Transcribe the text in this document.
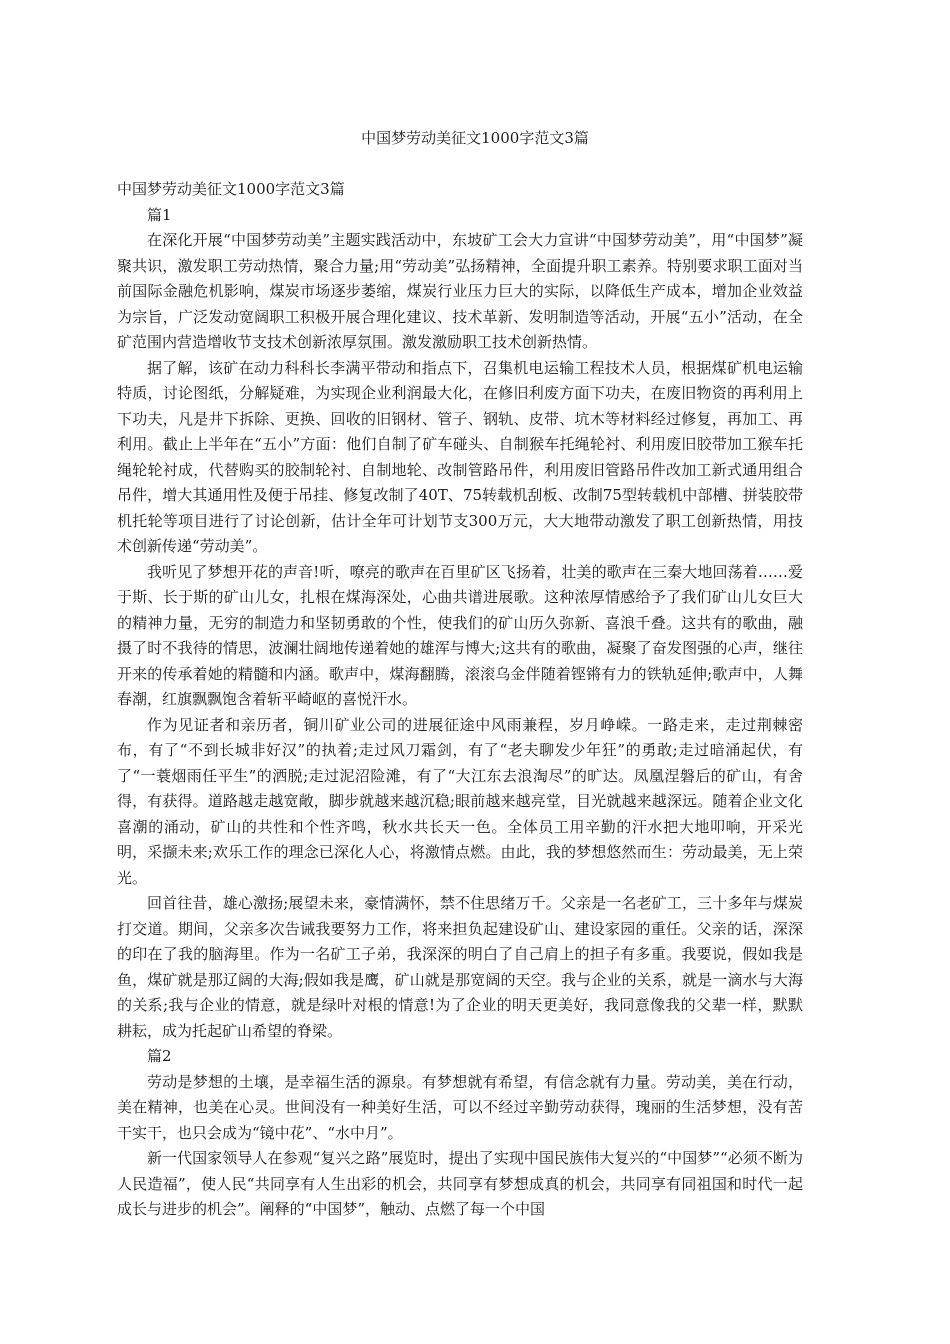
中国梦劳动美征文1000字范文3篇

中国梦劳动美征文1000字范文3篇

篇1

在深化开展“中国梦劳动美”主题实践活动中，东坡矿工会大力宣讲“中国梦劳动美”，用“中国梦”凝聚共识，激发职工劳动热情，聚合力量;用“劳动美”弘扬精神，全面提升职工素养。特别要求职工面对当前国际金融危机影响，煤炭市场逐步萎缩，煤炭行业压力巨大的实际，以降低生产成本，增加企业效益为宗旨，广泛发动宽阔职工积极开展合理化建议、技术革新、发明制造等活动，开展“五小”活动，在全矿范围内营造增收节支技术创新浓厚氛围。激发激励职工技术创新热情。

据了解，该矿在动力科科长李满平带动和指点下，召集机电运输工程技术人员，根据煤矿机电运输特质，讨论图纸，分解疑难，为实现企业利润最大化，在修旧利废方面下功夫，在废旧物资的再利用上下功夫，凡是井下拆除、更换、回收的旧钢材、管子、钢轨、皮带、坑木等材料经过修复，再加工、再利用。截止上半年在“五小”方面：他们自制了矿车碰头、自制猴车托绳轮衬、利用废旧胶带加工猴车托绳轮轮衬成，代替购买的胶制轮衬、自制地轮、改制管路吊件，利用废旧管路吊件改加工新式通用组合吊件，增大其通用性及便于吊挂、修复改制了40T、75转载机刮板、改制75型转载机中部槽、拼装胶带机托轮等项目进行了讨论创新，估计全年可计划节支300万元，大大地带动激发了职工创新热情，用技术创新传递“劳动美”。

我听见了梦想开花的声音!听，嘹亮的歌声在百里矿区飞扬着，壮美的歌声在三秦大地回荡着……爱于斯、长于斯的矿山儿女，扎根在煤海深处，心曲共谱进展歌。这种浓厚情感给予了我们矿山儿女巨大的精神力量，无穷的制造力和坚韧勇敢的个性，使我们的矿山历久弥新、喜浪千叠。这共有的歌曲，融摄了时不我待的情思，波澜壮阔地传递着她的雄浑与博大;这共有的歌曲，凝聚了奋发图强的心声，继往开来的传承着她的精髓和内涵。歌声中，煤海翻腾，滚滚乌金伴随着铿锵有力的铁轨延伸;歌声中，人舞春潮，红旗飘飘饱含着斩平崎岖的喜悦汗水。

作为见证者和亲历者，铜川矿业公司的进展征途中风雨兼程，岁月峥嵘。一路走来，走过荆棘密布，有了“不到长城非好汉”的执着;走过风刀霜剑，有了“老夫聊发少年狂”的勇敢;走过暗涌起伏，有了“一蓑烟雨任平生”的洒脱;走过泥沼险滩，有了“大江东去浪淘尽”的旷达。凤凰涅磐后的矿山，有舍得，有获得。道路越走越宽敞，脚步就越来越沉稳;眼前越来越亮堂，目光就越来越深远。随着企业文化喜潮的涌动，矿山的共性和个性齐鸣，秋水共长天一色。全体员工用辛勤的汗水把大地叩响，开采光明，采撷未来;欢乐工作的理念已深化人心，将激情点燃。由此，我的梦想悠然而生：劳动最美，无上荣光。

回首往昔，雄心激扬;展望未来，豪情满怀，禁不住思绪万千。父亲是一名老矿工，三十多年与煤炭打交道。期间，父亲多次告诫我要努力工作，将来担负起建设矿山、建设家园的重任。父亲的话，深深的印在了我的脑海里。作为一名矿工子弟，我深深的明白了自己肩上的担子有多重。我要说，假如我是鱼，煤矿就是那辽阔的大海;假如我是鹰，矿山就是那宽阔的天空。我与企业的关系，就是一滴水与大海的关系;我与企业的情意，就是绿叶对根的情意!为了企业的明天更美好，我同意像我的父辈一样，默默耕耘，成为托起矿山希望的脊梁。

篇2

劳动是梦想的土壤，是幸福生活的源泉。有梦想就有希望，有信念就有力量。劳动美，美在行动，美在精神，也美在心灵。世间没有一种美好生活，可以不经过辛勤劳动获得，瑰丽的生活梦想，没有苦干实干，也只会成为“镜中花”、“水中月”。

新一代国家领导人在参观“复兴之路”展览时，提出了实现中国民族伟大复兴的“中国梦”“必须不断为人民造福”，使人民“共同享有人生出彩的机会，共同享有梦想成真的机会，共同享有同祖国和时代一起成长与进步的机会”。阐释的“中国梦”，触动、点燃了每一个中国
